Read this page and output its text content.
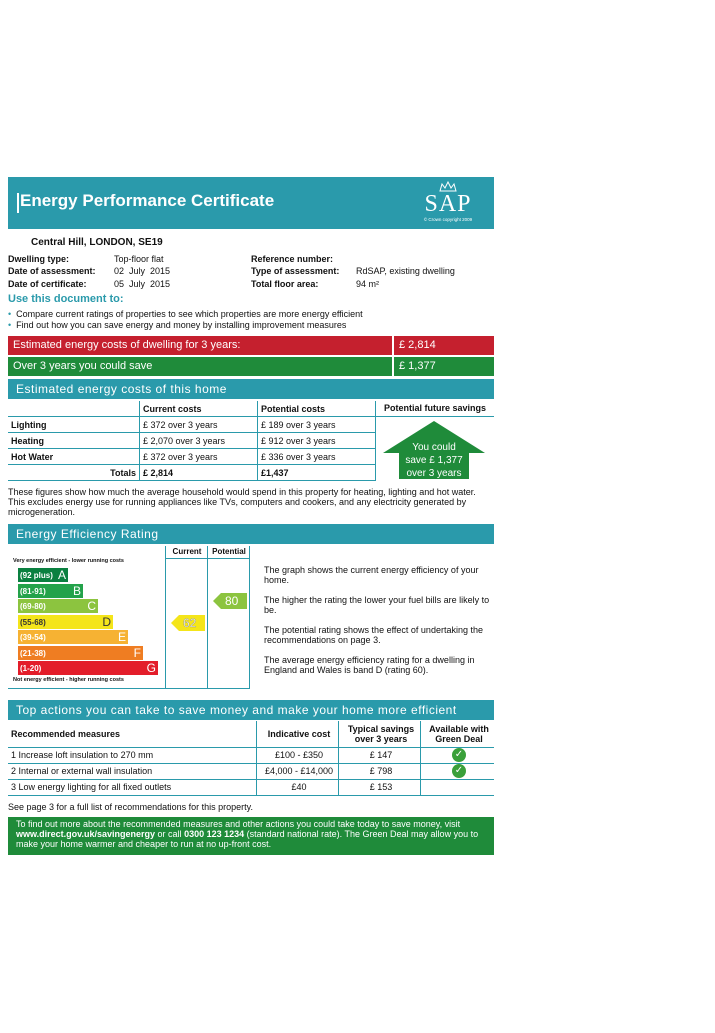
Energy Performance Certificate	SAP
© Crown copyright 2009
Central Hill, LONDON, SE19
Dwelling type:	Top-floor flat
Date of assessment: 02  July  2015
Date of certificate:	05  July  2015
Reference number:
Type of assessment: RdSAP, existing dwelling
Total floor area:	94 m²
Use this document to:
• Compare current ratings of properties to see which properties are more energy efficient
• Find out how you can save energy and money by installing improvement measures
Estimated energy costs of dwelling for 3 years:	£ 2,814
Over 3 years you could save	£ 1,377
Estimated energy costs of this home
	Current costs	Potential costs
Lighting	£ 372 over 3 years	£ 189 over 3 years
Heating	£ 2,070 over 3 years	£ 912 over 3 years
Hot Water	£ 372 over 3 years	£ 336 over 3 years
Totals	£ 2,814	£1,437
Potential future savings
You could
save £ 1,377
over 3 years
These figures show how much the average household would spend in this property for heating, lighting and hot water. This excludes energy use for running appliances like TVs, computers and cookers, and any electricity generated by microgeneration.
Energy Efficiency Rating
Current	Potential
Very energy efficient - lower running costs
Not energy efficient - higher running costs
(92 plus) A
(81-91) B
(69-80)	C
(55-68)	D
(39-54)	E
(21-38)	F
(1-20)	G
62
80
The graph shows the current energy efficiency of your home.
The higher the rating the lower your fuel bills are likely to be.
The potential rating shows the effect of undertaking the recommendations on page 3.
The average energy efficiency rating for a dwelling in England and Wales is band D (rating 60).
Top actions you can take to save money and make your home more efficient
Recommended measures	Indicative cost	Typical savings over 3 years	Available with Green Deal
1 Increase loft insulation to 270 mm	£100 - £350	£ 147	✓
2 Internal or external wall insulation	£4,000 - £14,000	£ 798	✓
3 Low energy lighting for all fixed outlets	£40	£ 153	
See page 3 for a full list of recommendations for this property.
To find out more about the recommended measures and other actions you could take today to save money, visit
www.direct.gov.uk/savingenergy or call 0300 123 1234 (standard national rate). The Green Deal may allow you to make your home warmer and cheaper to run at no up-front cost.
